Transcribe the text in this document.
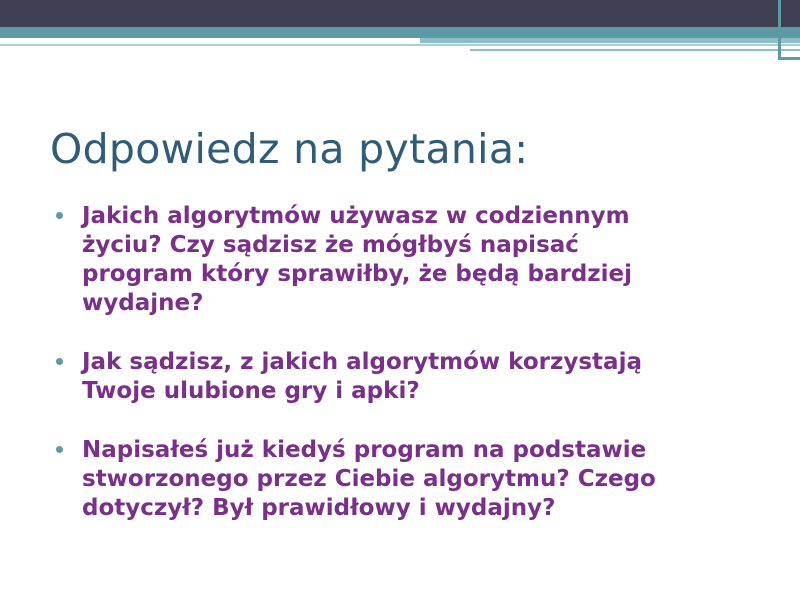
Odpowiedz na pytania:
Jakich algorytmów używasz w codziennym
życiu? Czy sądzisz że mógłbyś napisać
program który sprawiłby, że będą bardziej
wydajne?
Jak sądzisz, z jakich algorytmów korzystają
Twoje ulubione gry i apki?
Napisałeś już kiedyś program na podstawie
stworzonego przez Ciebie algorytmu? Czego
dotyczył? Był prawidłowy i wydajny?
